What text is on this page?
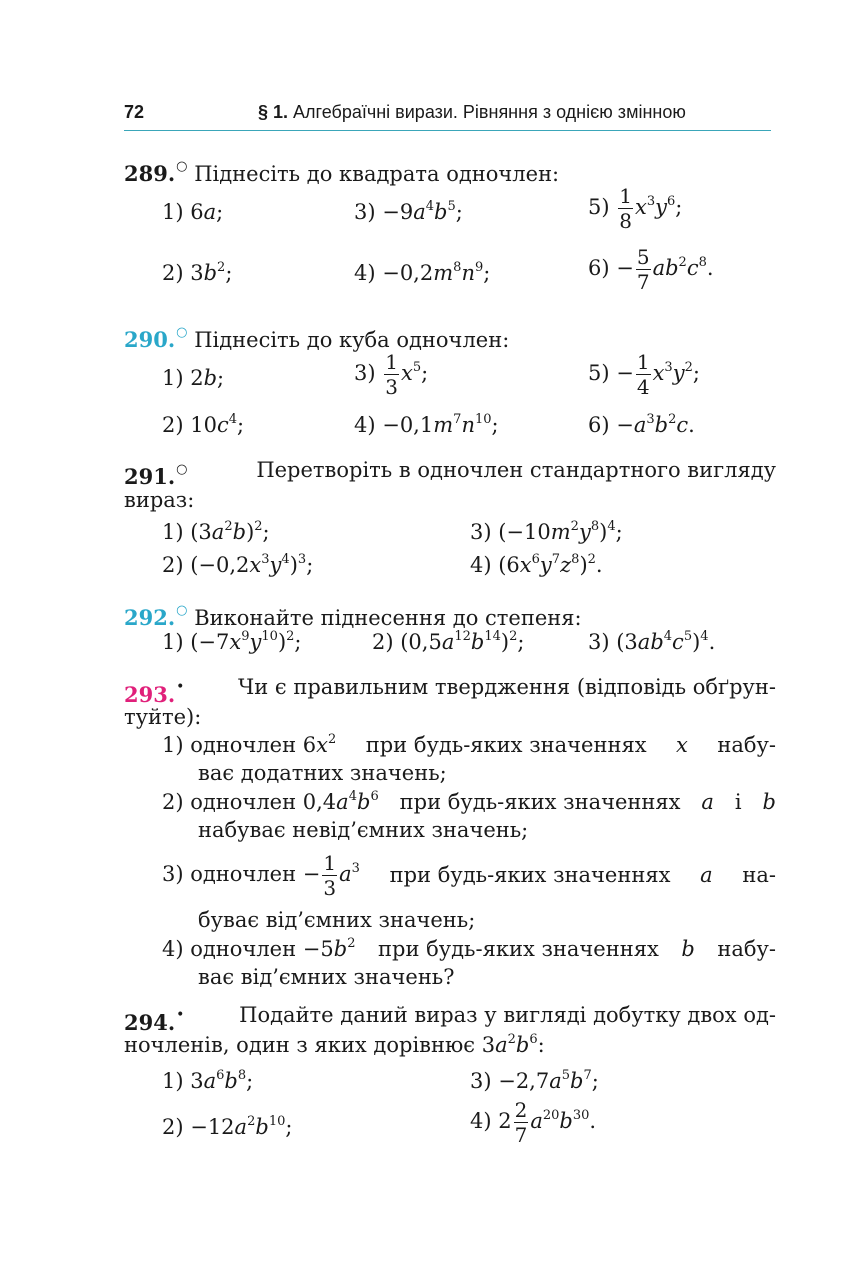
72	§ 1. Алгебраїчні вирази. Рівняння з однією змінною
289.○ Піднесіть до квадрата одночлен:
1) 6a;	$3) -9a^4b^5$;	$5) \frac{1}{8} x^3y^6$;
2) $3b^2$;	$4) -0,2m^8n^9$;	$6) - \frac{5}{7} ab^2c^8$.
290.○ Піднесіть до куба одночлен:
1) 2b;	$3) \frac{1}{3} x^5$;	$5) - \frac{1}{4} x^3y^2$;
2) $10c^4$;	$4) -0,1m^7n^{10}$;	$6) -a^3b^2c$.
291.○	Перетворіть в одночлен стандартного вигляду
вираз:
1) $(3a^2b)^2$;	3) $(-10m^2y^8)^4$;
2) $(-0,2x^3y^4)^3$;	4) $(6x^6y^7z^8)^2$.
292.○ Виконайте піднесення до степеня:
1) $(-7x^9y^{10})^2$;	2) $(0,5a^{12}b^{14})^2$;	3) $(3ab^4c^5)^4$.
293.•	Чи є правильним твердження (відповідь обґрун-
туйте):
1) одночлен $6x^2$ при будь-яких значеннях x набу-
ває додатних значень;
2) одночлен $0,4a^4b^6$ при будь-яких значеннях a і b
набуває невід’ємних значень;
3) одночлен − $\frac{1}{3} a^3$ при будь-яких значеннях a на-
буває від’ємних значень;
4) одночлен $-5b^2$ при будь-яких значеннях b набу-
ває від’ємних значень?
294.•	Подайте даний вираз у вигляді добутку двох од-
ночленів, один з яких дорівнює $3a^2b^6$:
1) $3a^6b^8$;	$3) -2,7a^5b^7$;
$2) -12a^2b^{10}$;	4) $2 \frac{2}{7} a^{20}b^{30}$.
